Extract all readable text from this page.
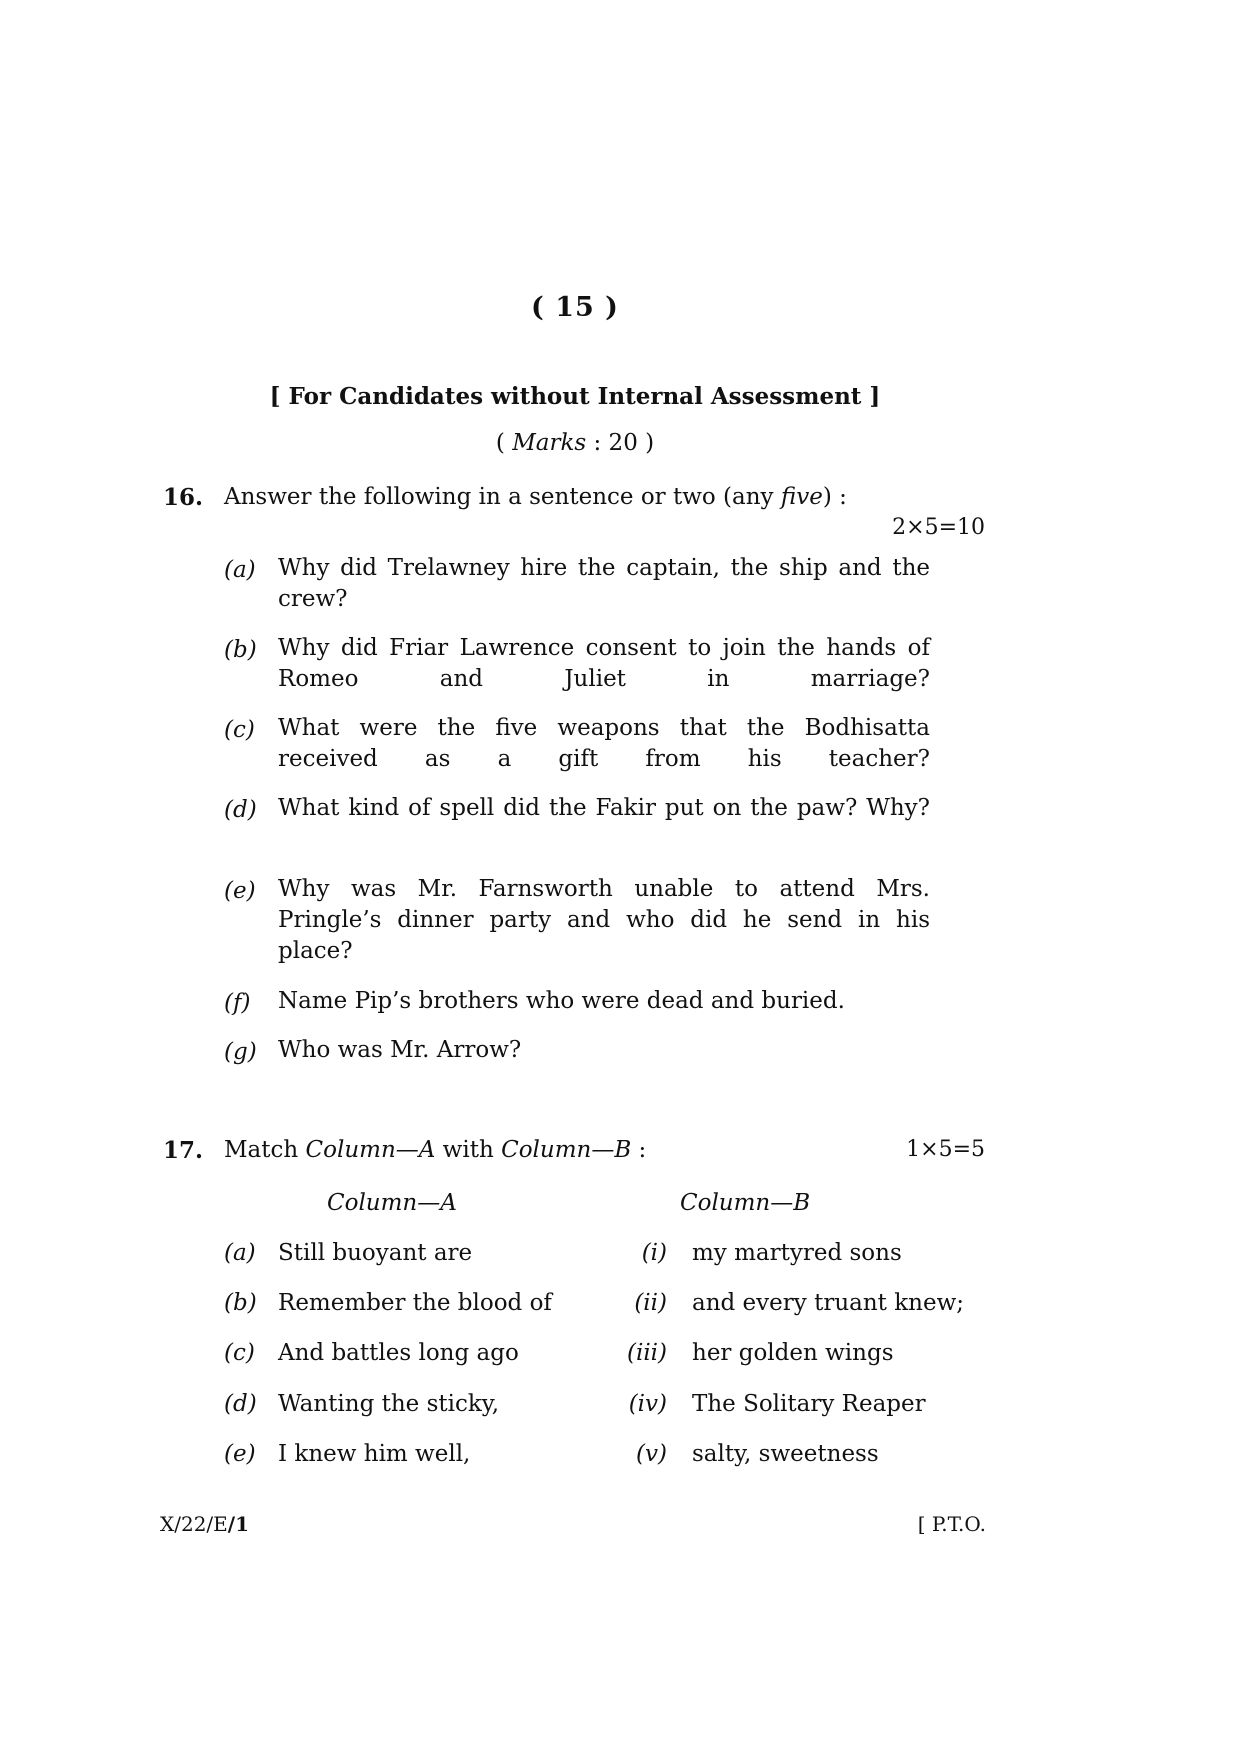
( 15 )
[ For Candidates without Internal Assessment ]
( Marks : 20 )
16. Answer the following in a sentence or two (any five) :
2×5=10
(a) Why did Trelawney hire the captain, the ship and the crew?
(b) Why did Friar Lawrence consent to join the hands of Romeo and Juliet in marriage?
(c) What were the five weapons that the Bodhisatta received as a gift from his teacher?
(d) What kind of spell did the Fakir put on the paw? Why?
(e) Why was Mr. Farnsworth unable to attend Mrs. Pringle’s dinner party and who did he send in his place?
(f) Name Pip’s brothers who were dead and buried.
(g) Who was Mr. Arrow?
17. Match Column—A with Column—B :	1×5=5
Column—A	Column—B
(a) Still buoyant are	(i) my martyred sons
(b) Remember the blood of	(ii) and every truant knew;
(c) And battles long ago	(iii) her golden wings
(d) Wanting the sticky,	(iv) The Solitary Reaper
(e) I knew him well,	(v) salty, sweetness
X/22/E/1	[ P.T.O.
